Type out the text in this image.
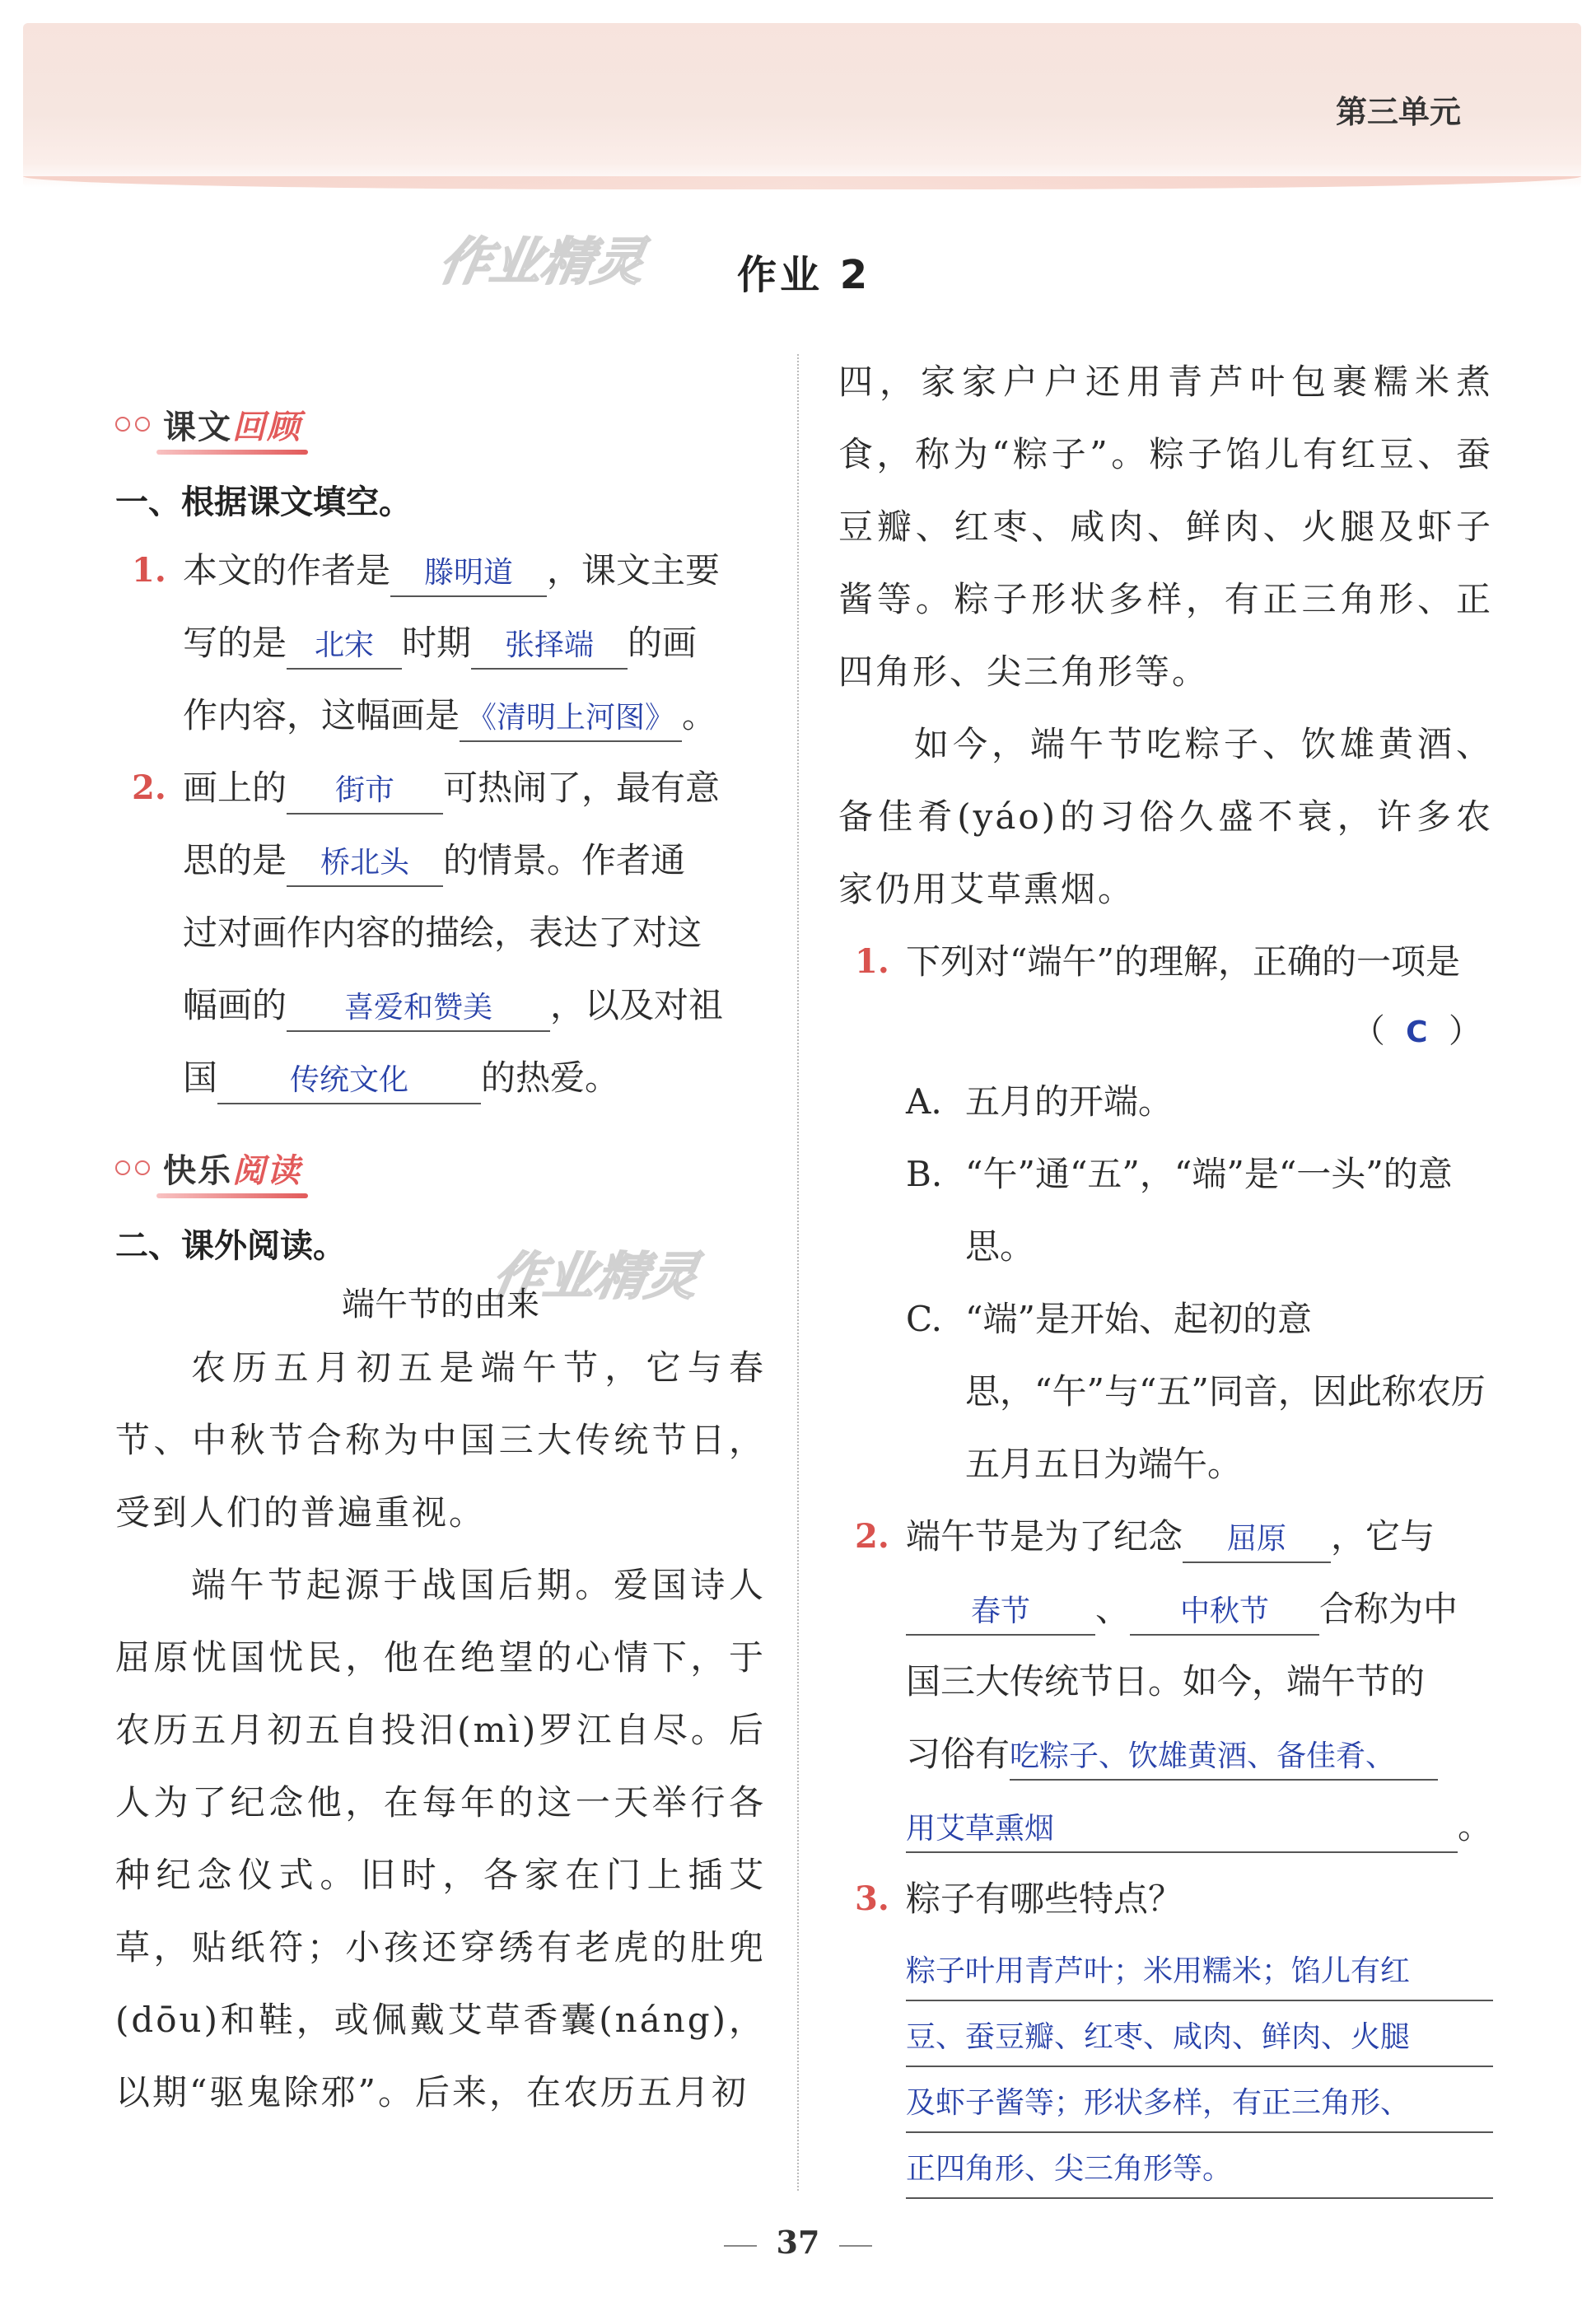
第三单元
作业精灵 作业 2
作业精灵
课文回顾
一、根据课文填空。
1. 本文的作者是 滕明道 ，课文主要
写的是 北宋 时期 张择端 的画
作内容，这幅画是 《清明上河图》 。
2. 画上的 街市 可热闹了，最有意
思的是 桥北头 的情景。作者通
过对画作内容的描绘，表达了对这
幅画的 喜爱和赞美 ，以及对祖
国 传统文化 的热爱。
快乐阅读
二、课外阅读。
端午节的由来
农历五月初五是端午节，它与春节、中秋节合称为中国三大传统节日，受到人们的普遍重视。
端午节起源于战国后期。爱国诗人屈原忧国忧民，他在绝望的心情下，于农历五月初五自投汨(mì)罗江自尽。后人为了纪念他，在每年的这一天举行各种纪念仪式。旧时，各家在门上插艾草，贴纸符；小孩还穿绣有老虎的肚兜(dōu)和鞋，或佩戴艾草香囊(náng)，以期“驱鬼除邪”。后来，在农历五月初
四，家家户户还用青芦叶包裹糯米煮食，称为“粽子”。粽子馅儿有红豆、蚕豆瓣、红枣、咸肉、鲜肉、火腿及虾子酱等。粽子形状多样，有正三角形、正四角形、尖三角形等。
如今，端午节吃粽子、饮雄黄酒、备佳肴(yáo)的习俗久盛不衰，许多农家仍用艾草熏烟。
1. 下列对“端午”的理解，正确的一项是
（ C ）
A. 五月的开端。
B. “午”通“五”，“端”是“一头”的意思。
C. “端”是开始、起初的意思，“午”与“五”同音，因此称农历五月五日为端午。
2. 端午节是为了纪念 屈原 ，它与
春节 、 中秋节 合称为中
国三大传统节日。如今，端午节的
习俗有吃粽子、饮雄黄酒、备佳肴、
用艾草熏烟	。
3. 粽子有哪些特点？
粽子叶用青芦叶；米用糯米；馅儿有红
豆、蚕豆瓣、红枣、咸肉、鲜肉、火腿
及虾子酱等；形状多样，有正三角形、
正四角形、尖三角形等。
37
